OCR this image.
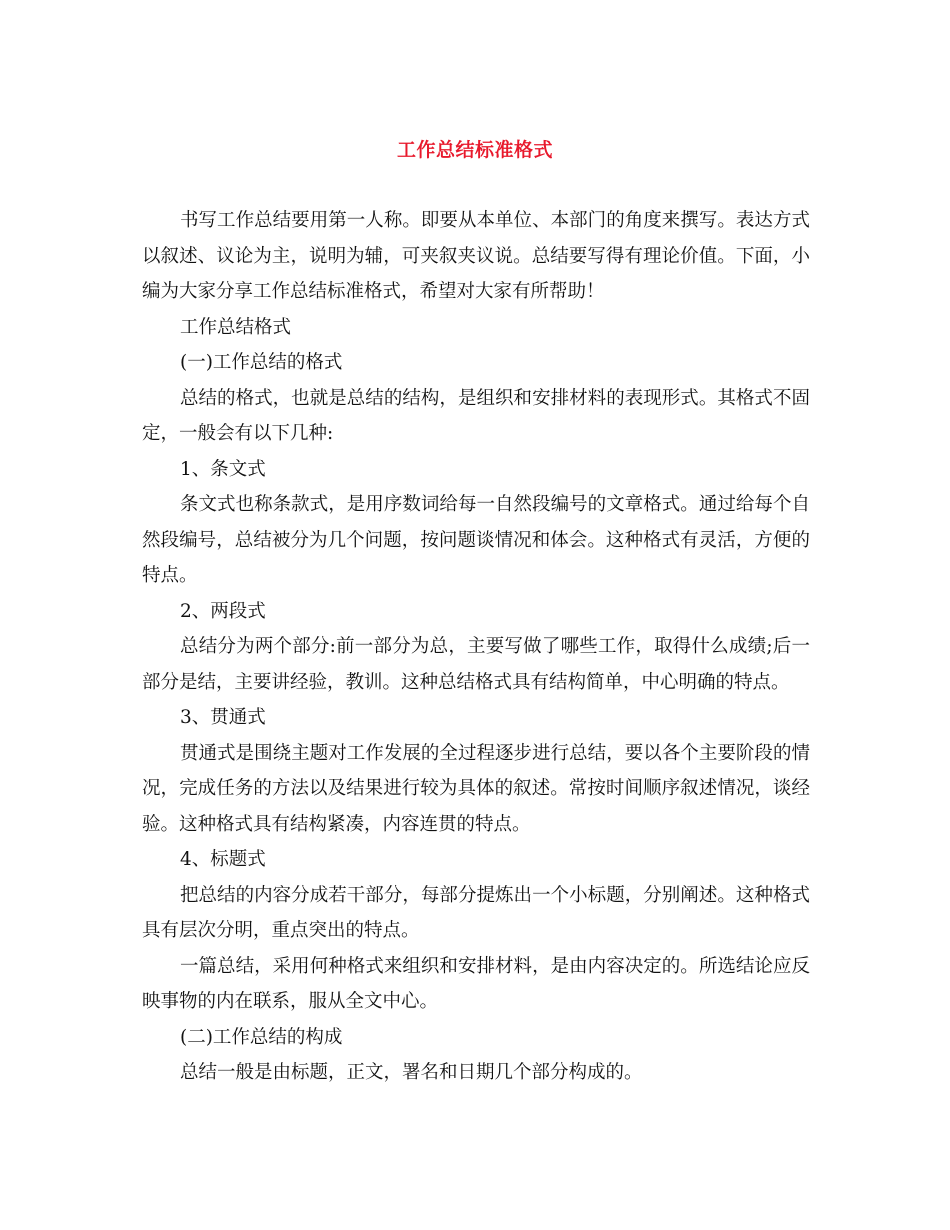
工作总结标准格式

书写工作总结要用第一人称。即要从本单位、本部门的角度来撰写。表达方式以叙述、议论为主，说明为辅，可夹叙夹议说。总结要写得有理论价值。下面，小编为大家分享工作总结标准格式，希望对大家有所帮助！

工作总结格式

(一)工作总结的格式

总结的格式，也就是总结的结构，是组织和安排材料的表现形式。其格式不固定，一般会有以下几种:

1、条文式

条文式也称条款式，是用序数词给每一自然段编号的文章格式。通过给每个自然段编号，总结被分为几个问题，按问题谈情况和体会。这种格式有灵活，方便的特点。

2、两段式

总结分为两个部分:前一部分为总，主要写做了哪些工作，取得什么成绩;后一部分是结，主要讲经验，教训。这种总结格式具有结构简单，中心明确的特点。

3、贯通式

贯通式是围绕主题对工作发展的全过程逐步进行总结，要以各个主要阶段的情况，完成任务的方法以及结果进行较为具体的叙述。常按时间顺序叙述情况，谈经验。这种格式具有结构紧凑，内容连贯的特点。

4、标题式

把总结的内容分成若干部分，每部分提炼出一个小标题，分别阐述。这种格式具有层次分明，重点突出的特点。

一篇总结，采用何种格式来组织和安排材料，是由内容决定的。所选结论应反映事物的内在联系，服从全文中心。

(二)工作总结的构成

总结一般是由标题，正文，署名和日期几个部分构成的。
